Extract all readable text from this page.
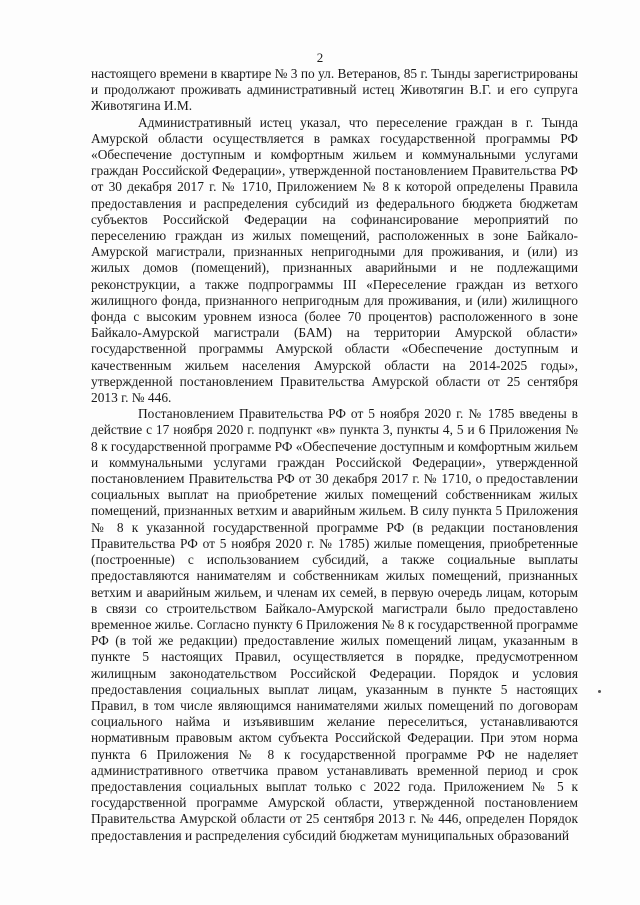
2

настоящего времени в квартире № 3 по ул. Ветеранов, 85 г. Тынды зарегистрированы и продолжают проживать административный истец Животягин В.Г. и его супруга Животягина И.М.

Административный истец указал, что переселение граждан в г. Тында Амурской области осуществляется в рамках государственной программы РФ «Обеспечение доступным и комфортным жильем и коммунальными услугами граждан Российской Федерации», утвержденной постановлением Правительства РФ от 30 декабря 2017 г. № 1710, Приложением № 8 к которой определены Правила предоставления и распределения субсидий из федерального бюджета бюджетам субъектов Российской Федерации на софинансирование мероприятий по переселению граждан из жилых помещений, расположенных в зоне Байкало-Амурской магистрали, признанных непригодными для проживания, и (или) из жилых домов (помещений), признанных аварийными и не подлежащими реконструкции, а также подпрограммы III «Переселение граждан из ветхого жилищного фонда, признанного непригодным для проживания, и (или) жилищного фонда с высоким уровнем износа (более 70 процентов) расположенного в зоне Байкало-Амурской магистрали (БАМ) на территории Амурской области» государственной программы Амурской области «Обеспечение доступным и качественным жильем населения Амурской области на 2014-2025 годы», утвержденной постановлением Правительства Амурской области от 25 сентября 2013 г. № 446.

Постановлением Правительства РФ от 5 ноября 2020 г. № 1785 введены в действие с 17 ноября 2020 г. подпункт «в» пункта 3, пункты 4, 5 и 6 Приложения № 8 к государственной программе РФ «Обеспечение доступным и комфортным жильем и коммунальными услугами граждан Российской Федерации», утвержденной постановлением Правительства РФ от 30 декабря 2017 г. № 1710, о предоставлении социальных выплат на приобретение жилых помещений собственникам жилых помещений, признанных ветхим и аварийным жильем. В силу пункта 5 Приложения № 8 к указанной государственной программе РФ (в редакции постановления Правительства РФ от 5 ноября 2020 г. № 1785) жилые помещения, приобретенные (построенные) с использованием субсидий, а также социальные выплаты предоставляются нанимателям и собственникам жилых помещений, признанных ветхим и аварийным жильем, и членам их семей, в первую очередь лицам, которым в связи со строительством Байкало-Амурской магистрали было предоставлено временное жилье. Согласно пункту 6 Приложения № 8 к государственной программе РФ (в той же редакции) предоставление жилых помещений лицам, указанным в пункте 5 настоящих Правил, осуществляется в порядке, предусмотренном жилищным законодательством Российской Федерации. Порядок и условия предоставления социальных выплат лицам, указанным в пункте 5 настоящих Правил, в том числе являющимся нанимателями жилых помещений по договорам социального найма и изъявившим желание переселиться, устанавливаются нормативным правовым актом субъекта Российской Федерации. При этом норма пункта 6 Приложения № 8 к государственной программе РФ не наделяет административного ответчика правом устанавливать временной период и срок предоставления социальных выплат только с 2022 года. Приложением № 5 к государственной программе Амурской области, утвержденной постановлением Правительства Амурской области от 25 сентября 2013 г. № 446, определен Порядок предоставления и распределения субсидий бюджетам муниципальных образований
